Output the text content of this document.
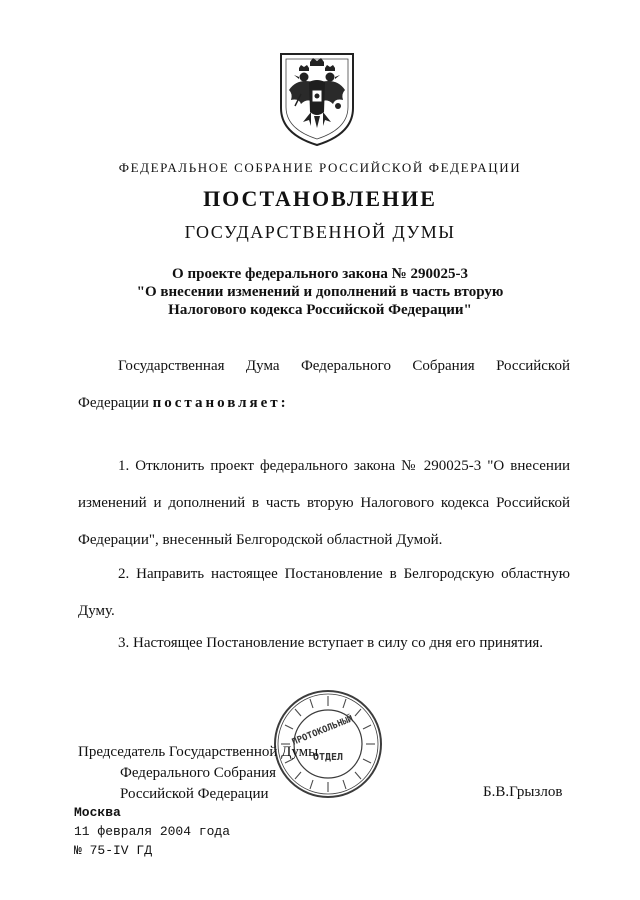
ФЕДЕРАЛЬНОЕ СОБРАНИЕ РОССИЙСКОЙ ФЕДЕРАЦИИ
ПОСТАНОВЛЕНИЕ
ГОСУДАРСТВЕННОЙ ДУМЫ
О проекте федерального закона № 290025-3
"О внесении изменений и дополнений в часть вторую
Налогового кодекса Российской Федерации"
Государственная Дума Федерального Собрания Российской Федерации постановляет:
1. Отклонить проект федерального закона № 290025-3 "О внесении изменений и дополнений в часть вторую Налогового кодекса Российской Федерации", внесенный Белгородской областной Думой.
2. Направить настоящее Постановление в Белгородскую областную Думу.
3. Настоящее Постановление вступает в силу со дня его принятия.
Председатель Государственной Думы
Федерального Собрания
Российской Федерации	Б.В.Грызлов
ПРОТОКОЛЬНЫЙ
ОТДЕЛ
Москва
11 февраля 2004 года
№ 75-IV ГД
